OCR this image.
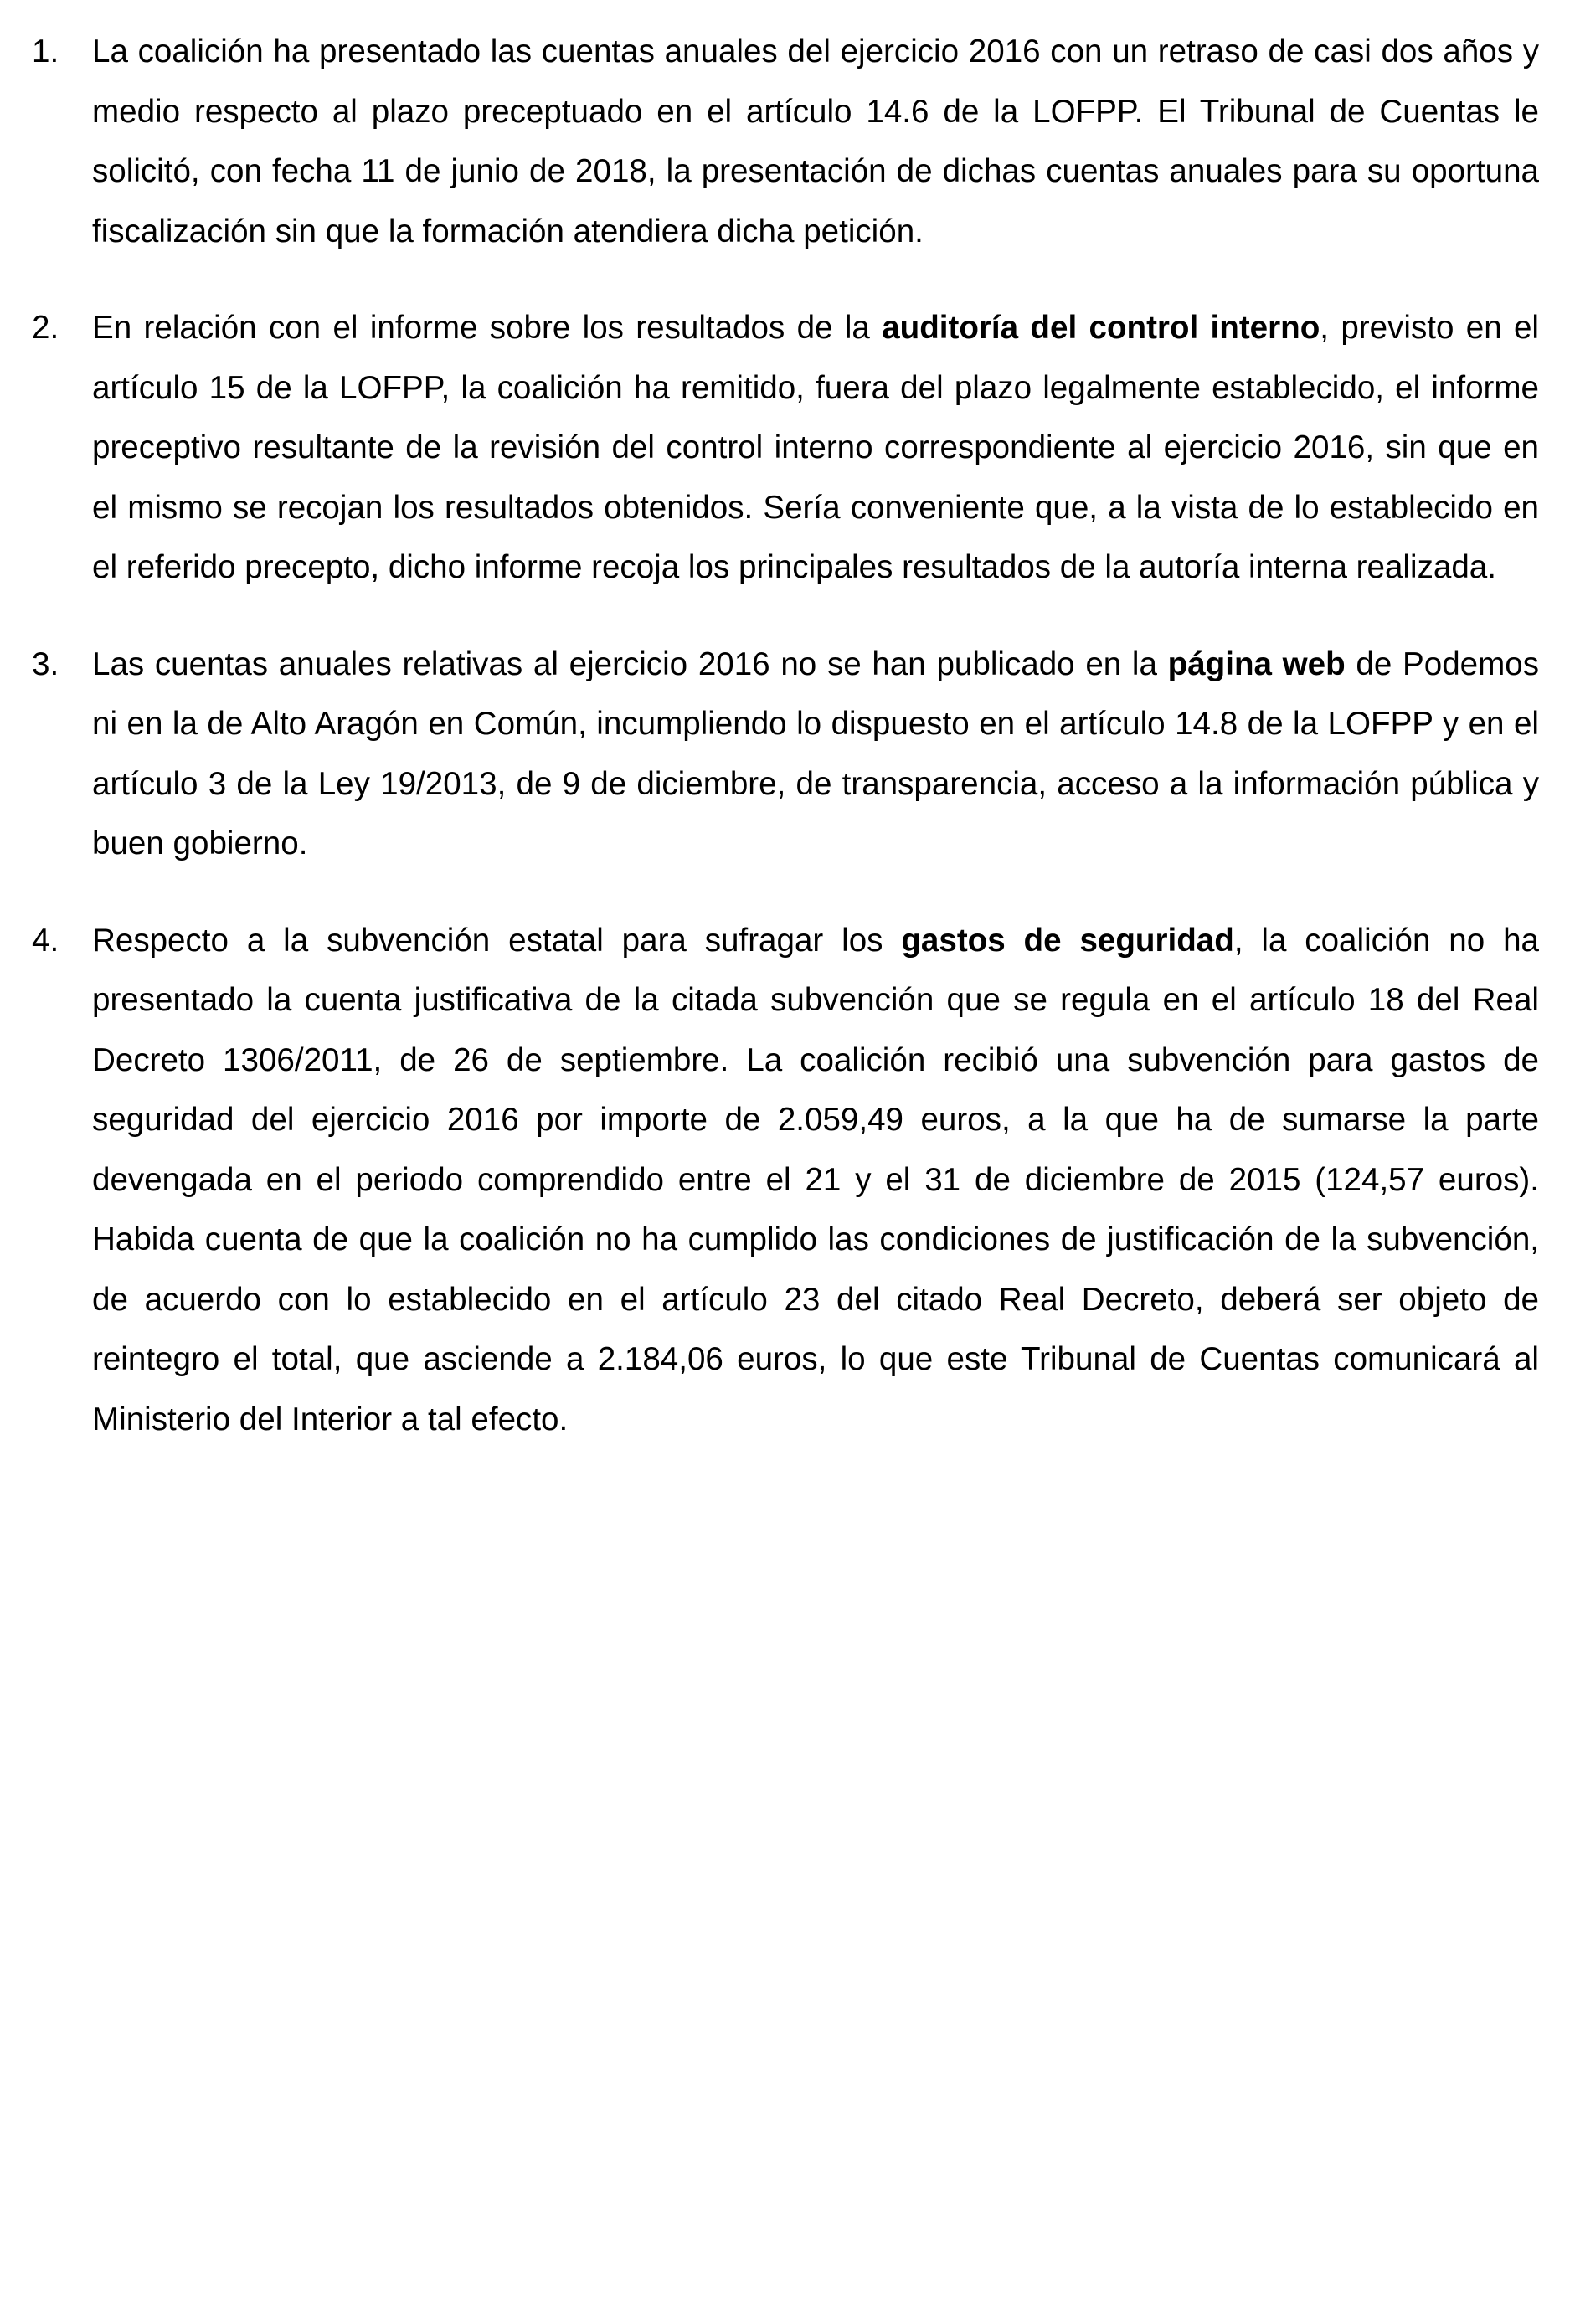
1. La coalición ha presentado las cuentas anuales del ejercicio 2016 con un retraso de casi dos años y medio respecto al plazo preceptuado en el artículo 14.6 de la LOFPP. El Tribunal de Cuentas le solicitó, con fecha 11 de junio de 2018, la presentación de dichas cuentas anuales para su oportuna fiscalización sin que la formación atendiera dicha petición.

2. En relación con el informe sobre los resultados de la auditoría del control interno, previsto en el artículo 15 de la LOFPP, la coalición ha remitido, fuera del plazo legalmente establecido, el informe preceptivo resultante de la revisión del control interno correspondiente al ejercicio 2016, sin que en el mismo se recojan los resultados obtenidos. Sería conveniente que, a la vista de lo establecido en el referido precepto, dicho informe recoja los principales resultados de la autoría interna realizada.

3. Las cuentas anuales relativas al ejercicio 2016 no se han publicado en la página web de Podemos ni en la de Alto Aragón en Común, incumpliendo lo dispuesto en el artículo 14.8 de la LOFPP y en el artículo 3 de la Ley 19/2013, de 9 de diciembre, de transparencia, acceso a la información pública y buen gobierno.

4. Respecto a la subvención estatal para sufragar los gastos de seguridad, la coalición no ha presentado la cuenta justificativa de la citada subvención que se regula en el artículo 18 del Real Decreto 1306/2011, de 26 de septiembre. La coalición recibió una subvención para gastos de seguridad del ejercicio 2016 por importe de 2.059,49 euros, a la que ha de sumarse la parte devengada en el periodo comprendido entre el 21 y el 31 de diciembre de 2015 (124,57 euros). Habida cuenta de que la coalición no ha cumplido las condiciones de justificación de la subvención, de acuerdo con lo establecido en el artículo 23 del citado Real Decreto, deberá ser objeto de reintegro el total, que asciende a 2.184,06 euros, lo que este Tribunal de Cuentas comunicará al Ministerio del Interior a tal efecto.
